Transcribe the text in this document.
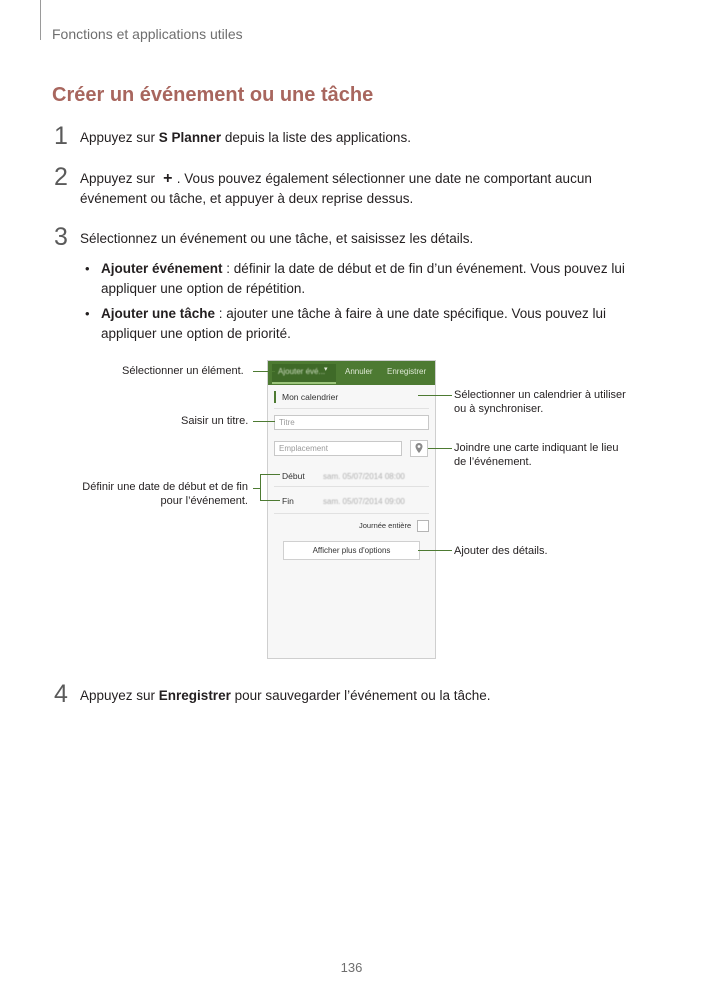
Fonctions et applications utiles
Créer un événement ou une tâche
1 Appuyez sur S Planner depuis la liste des applications.
2 Appuyez sur + . Vous pouvez également sélectionner une date ne comportant aucun
événement ou tâche, et appuyer à deux reprise dessus.
3 Sélectionnez un événement ou une tâche, et saisissez les détails.
• Ajouter événement : définir la date de début et de fin d’un événement. Vous pouvez lui
appliquer une option de répétition.
• Ajouter une tâche : ajouter une tâche à faire à une date spécifique. Vous pouvez lui
appliquer une option de priorité.
Ajouter évé...
▾ Annuler Enregistrer
Mon calendrier
Titre
Emplacement
Début sam. 05/07/2014 08:00
Fin	sam. 05/07/2014 09:00
Journée entière
Afficher plus d'options
Sélectionner un élément.
Saisir un titre.
Définir une date de début et de fin
pour l’événement.
Sélectionner un calendrier à utiliser
ou à synchroniser.
Joindre une carte indiquant le lieu
de l’événement.
Ajouter des détails.
4 Appuyez sur Enregistrer pour sauvegarder l’événement ou la tâche.
136
